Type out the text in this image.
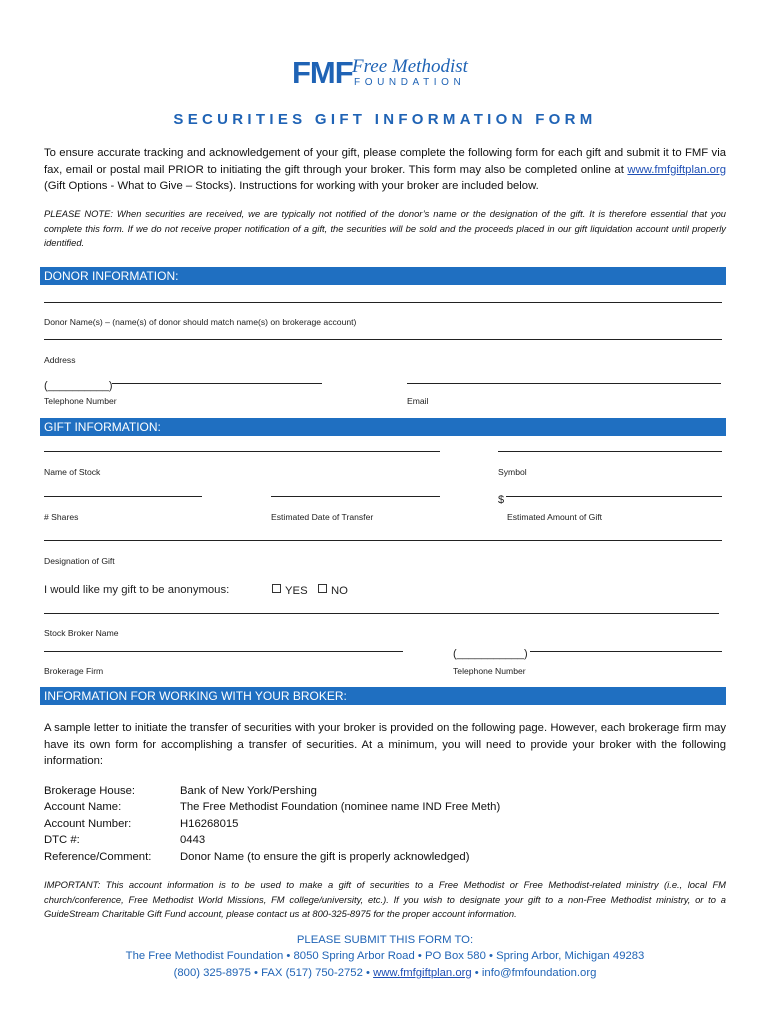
FMF Free Methodist
FOUNDATION
SECURITIES GIFT INFORMATION FORM
To ensure accurate tracking and acknowledgement of your gift, please complete the following form for each gift and submit it to FMF via fax, email or postal mail PRIOR to initiating the gift through your broker. This form may also be completed online at www.fmfgiftplan.org (Gift Options - What to Give – Stocks). Instructions for working with your broker are included below.
PLEASE NOTE: When securities are received, we are typically not notified of the donor’s name or the designation of the gift. It is therefore essential that you complete this form. If we do not receive proper notification of a gift, the securities will be sold and the proceeds placed in our gift liquidation account until properly identified.
DONOR INFORMATION:
Donor Name(s) – (name(s) of donor should match name(s) on brokerage account)
Address
(__________)
Telephone Number	Email
GIFT INFORMATION:
Name of Stock	Symbol
# Shares	Estimated Date of Transfer
$
Estimated Amount of Gift
Designation of Gift
I would like my gift to be anonymous:	YES	NO
Stock Broker Name
Brokerage Firm
(___________)
Telephone Number
INFORMATION FOR WORKING WITH YOUR BROKER:
A sample letter to initiate the transfer of securities with your broker is provided on the following page. However, each brokerage firm may have its own form for accomplishing a transfer of securities. At a minimum, you will need to provide your broker with the following information:
Brokerage House:	Bank of New York/Pershing
Account Name:	The Free Methodist Foundation (nominee name IND Free Meth)
Account Number:	H16268015
DTC #:	0443
Reference/Comment:	Donor Name (to ensure the gift is properly acknowledged)
IMPORTANT: This account information is to be used to make a gift of securities to a Free Methodist or Free Methodist-related ministry (i.e., local FM church/conference, Free Methodist World Missions, FM college/university, etc.). If you wish to designate your gift to a non-Free Methodist ministry, or to a GuideStream Charitable Gift Fund account, please contact us at 800-325-8975 for the proper account information.
PLEASE SUBMIT THIS FORM TO:
The Free Methodist Foundation • 8050 Spring Arbor Road • PO Box 580 • Spring Arbor, Michigan 49283
(800) 325-8975 • FAX (517) 750-2752 • www.fmfgiftplan.org • info@fmfoundation.org
